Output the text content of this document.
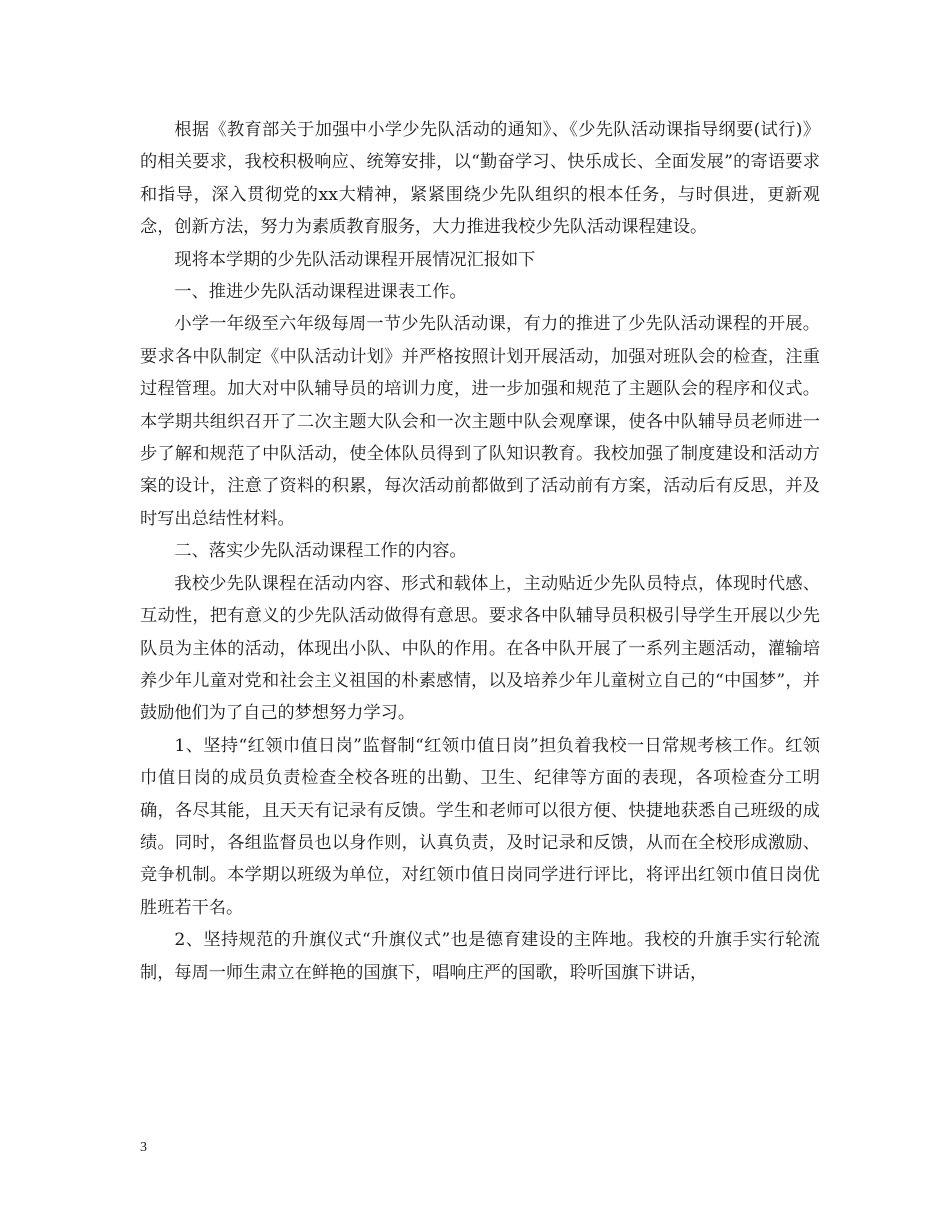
根据《教育部关于加强中小学少先队活动的通知》、《少先队活动课指导纲要(试行)》的相关要求，我校积极响应、统筹安排，以“勤奋学习、快乐成长、全面发展”的寄语要求和指导，深入贯彻党的xx大精神，紧紧围绕少先队组织的根本任务，与时俱进，更新观念，创新方法，努力为素质教育服务，大力推进我校少先队活动课程建设。

现将本学期的少先队活动课程开展情况汇报如下

一、推进少先队活动课程进课表工作。

小学一年级至六年级每周一节少先队活动课，有力的推进了少先队活动课程的开展。要求各中队制定《中队活动计划》并严格按照计划开展活动，加强对班队会的检查，注重过程管理。加大对中队辅导员的培训力度，进一步加强和规范了主题队会的程序和仪式。本学期共组织召开了二次主题大队会和一次主题中队会观摩课，使各中队辅导员老师进一步了解和规范了中队活动，使全体队员得到了队知识教育。我校加强了制度建设和活动方案的设计，注意了资料的积累，每次活动前都做到了活动前有方案，活动后有反思，并及时写出总结性材料。

二、落实少先队活动课程工作的内容。

我校少先队课程在活动内容、形式和载体上，主动贴近少先队员特点，体现时代感、互动性，把有意义的少先队活动做得有意思。要求各中队辅导员积极引导学生开展以少先队员为主体的活动，体现出小队、中队的作用。在各中队开展了一系列主题活动，灌输培养少年儿童对党和社会主义祖国的朴素感情，以及培养少年儿童树立自己的“中国梦”，并鼓励他们为了自己的梦想努力学习。

1、坚持“红领巾值日岗”监督制“红领巾值日岗”担负着我校一日常规考核工作。红领巾值日岗的成员负责检查全校各班的出勤、卫生、纪律等方面的表现，各项检查分工明确，各尽其能，且天天有记录有反馈。学生和老师可以很方便、快捷地获悉自己班级的成绩。同时，各组监督员也以身作则，认真负责，及时记录和反馈，从而在全校形成激励、竞争机制。本学期以班级为单位，对红领巾值日岗同学进行评比，将评出红领巾值日岗优胜班若干名。

2、坚持规范的升旗仪式“升旗仪式”也是德育建设的主阵地。我校的升旗手实行轮流制，每周一师生肃立在鲜艳的国旗下，唱响庄严的国歌，聆听国旗下讲话，

3
